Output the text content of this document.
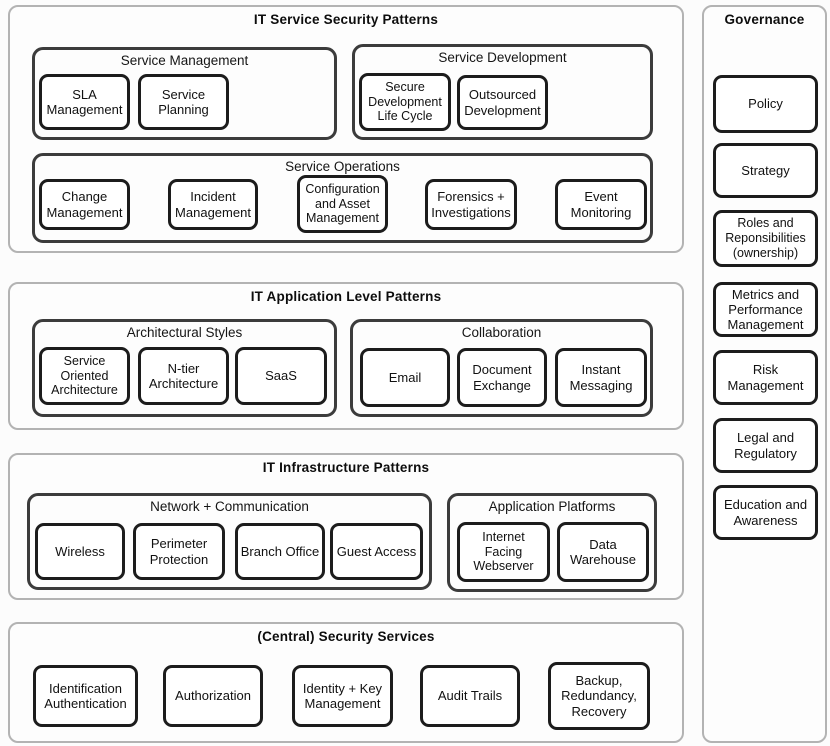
IT Service Security Patterns
Service Management
SLA Management
Service Planning
Service Development
Secure Development Life Cycle
Outsourced Development
Service Operations
Change Management
Incident Management
Configuration and Asset Management
Forensics + Investigations
Event Monitoring
IT Application Level Patterns
Architectural Styles
Service Oriented Architecture
N-tier Architecture
SaaS
Collaboration
Email
Document Exchange
Instant Messaging
IT Infrastructure Patterns
Network + Communication
Wireless
Perimeter Protection
Branch Office	Guest Access
Application Platforms
Internet Facing Webserver
Data Warehouse
(Central) Security Services
Identification Authentication
Authorization
Identity + Key Management
Audit Trails
Backup, Redundancy, Recovery
Governance
Policy
Strategy
Roles and Reponsibilities (ownership)
Metrics and Performance Management
Risk Management
Legal and Regulatory
Education and Awareness
